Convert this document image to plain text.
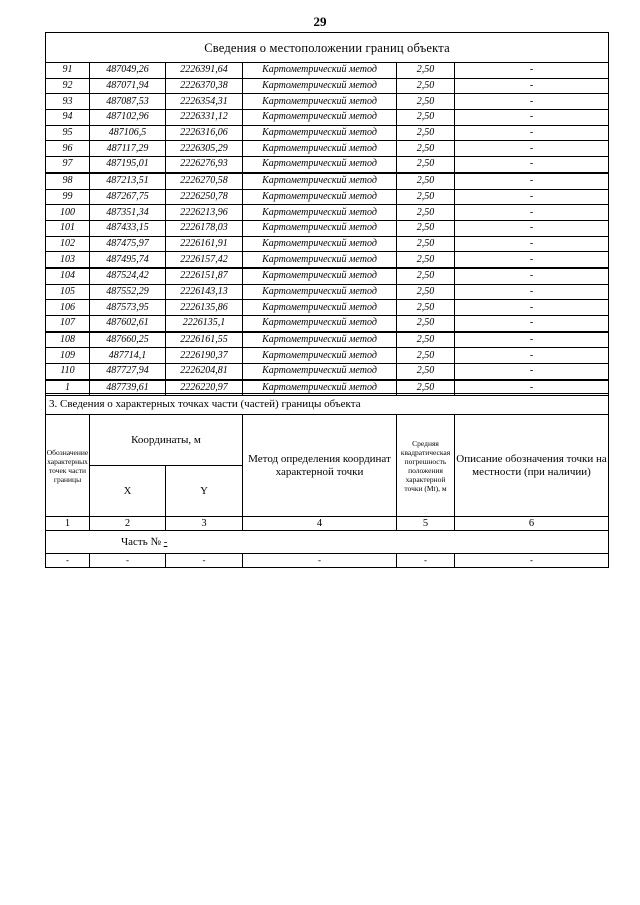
29
Сведения о местоположении границ объекта					
91	487049,26	2226391,64	Картометрический метод	2,50	-
92	487071,94	2226370,38	Картометрический метод	2,50	-
93	487087,53	2226354,31	Картометрический метод	2,50	-
94	487102,96	2226331,12	Картометрический метод	2,50	-
95	487106,5	2226316,06	Картометрический метод	2,50	-
96	487117,29	2226305,29	Картометрический метод	2,50	-
97	487195,01	2226276,93	Картометрический метод	2,50	-
98	487213,51	2226270,58	Картометрический метод	2,50	-
99	487267,75	2226250,78	Картометрический метод	2,50	-
100	487351,34	2226213,96	Картометрический метод	2,50	-
101	487433,15	2226178,03	Картометрический метод	2,50	-
102	487475,97	2226161,91	Картометрический метод	2,50	-
103	487495,74	2226157,42	Картометрический метод	2,50	-
104	487524,42	2226151,87	Картометрический метод	2,50	-
105	487552,29	2226143,13	Картометрический метод	2,50	-
106	487573,95	2226135,86	Картометрический метод	2,50	-
107	487602,61	2226135,1	Картометрический метод	2,50	-
108	487660,25	2226161,55	Картометрический метод	2,50	-
109	487714,1	2226190,37	Картометрический метод	2,50	-
110	487727,94	2226204,81	Картометрический метод	2,50	-
1	487739,61	2226220,97	Картометрический метод	2,50	-
3. Сведения о характерных точках части (частей) границы объекта					
Обозначение характерных точек части границы	Координаты, м		Метод определения координат характерной точки	Средняя квадратическая погрешность положения характерной точки (Мt), м	Описание обозначения точки на местности (при наличии)
	X	Y			
1	2	3	4	5	6
Часть № -					
-	-	-	-	-	-
